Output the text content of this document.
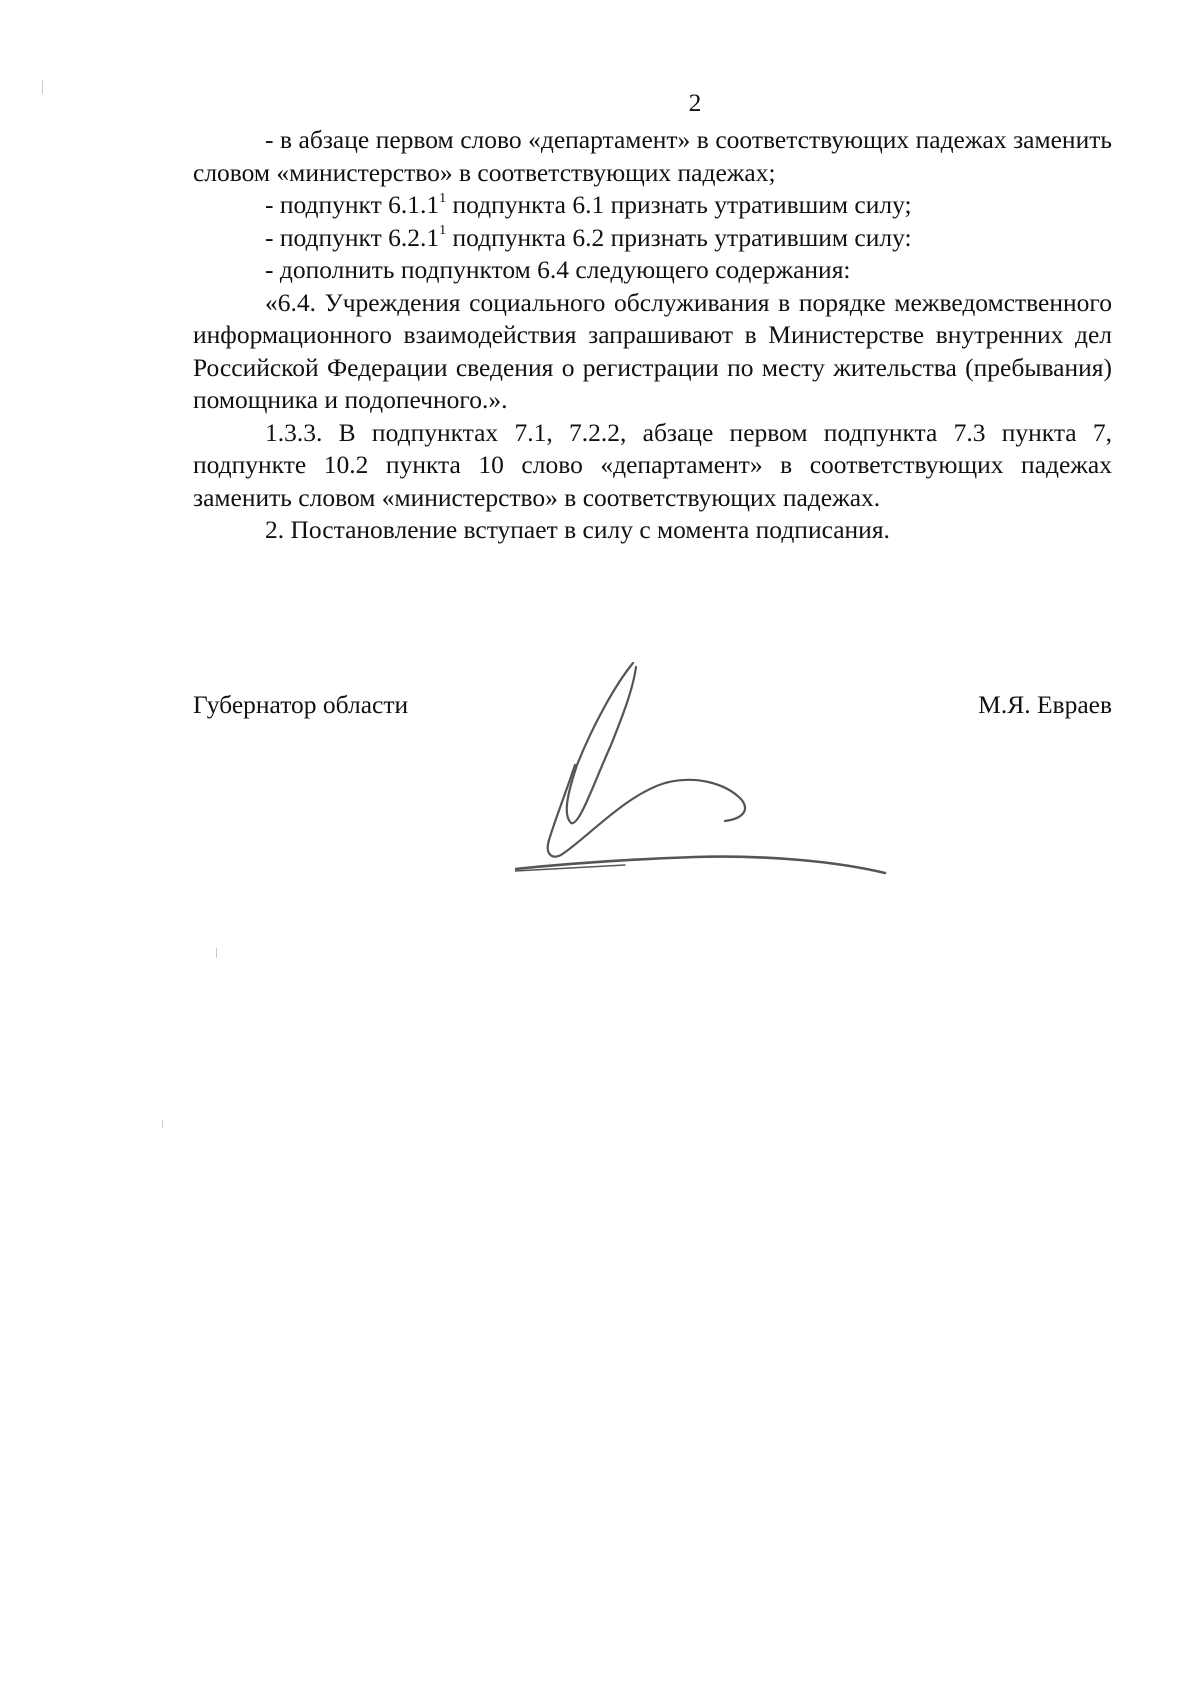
2

- в абзаце первом слово «департамент» в соответствующих падежах заменить словом «министерство» в соответствующих падежах;

- подпункт 6.1.1$^1$ подпункта 6.1 признать утратившим силу;

- подпункт 6.2.1$^1$ подпункта 6.2 признать утратившим силу:

- дополнить подпунктом 6.4 следующего содержания:

«6.4. Учреждения социального обслуживания в порядке межведомственного информационного взаимодействия запрашивают в Министерстве внутренних дел Российской Федерации сведения о регистрации по месту жительства (пребывания) помощника и подопечного.».

1.3.3. В подпунктах 7.1, 7.2.2, абзаце первом подпункта 7.3 пункта 7, подпункте 10.2 пункта 10 слово «департамент» в соответствующих падежах заменить словом «министерство» в соответствующих падежах.

2. Постановление вступает в силу с момента подписания.

Губернатор области	М.Я. Евраев
